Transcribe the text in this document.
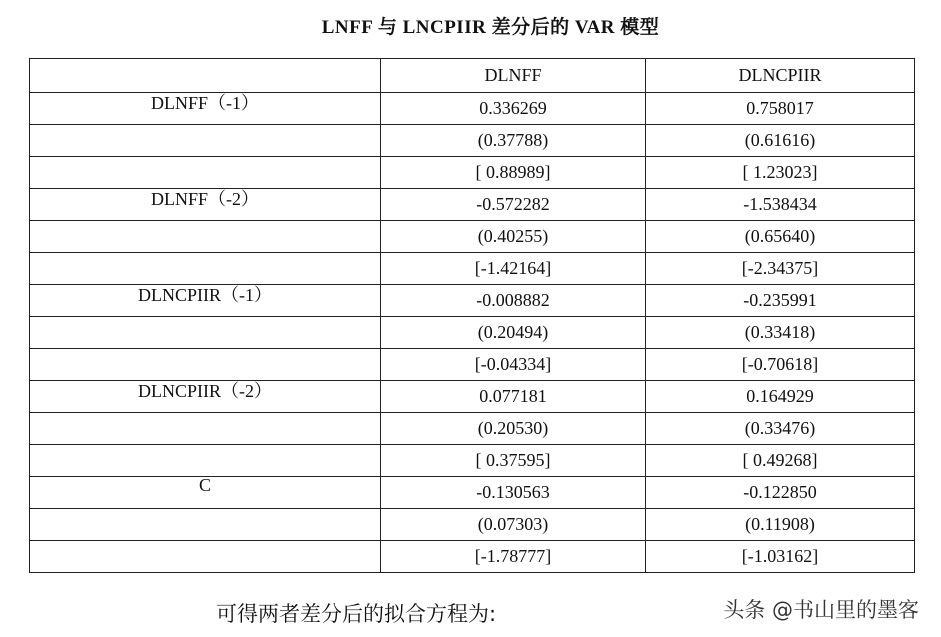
LNFF 与 LNCPIIR 差分后的 VAR 模型
	DLNFF	DLNCPIIR
DLNFF（-1）	0.336269	0.758017
	(0.37788)	(0.61616)
	[ 0.88989]	[ 1.23023]
DLNFF（-2）	-0.572282	-1.538434
	(0.40255)	(0.65640)
	[-1.42164]	[-2.34375]
DLNCPIIR（-1）	-0.008882	-0.235991
	(0.20494)	(0.33418)
	[-0.04334]	[-0.70618]
DLNCPIIR（-2）	0.077181	0.164929
	(0.20530)	(0.33476)
	[ 0.37595]	[ 0.49268]
C	-0.130563	-0.122850
	(0.07303)	(0.11908)
	[-1.78777]	[-1.03162]
可得两者差分后的拟合方程为:	头条 @书山里的墨客
